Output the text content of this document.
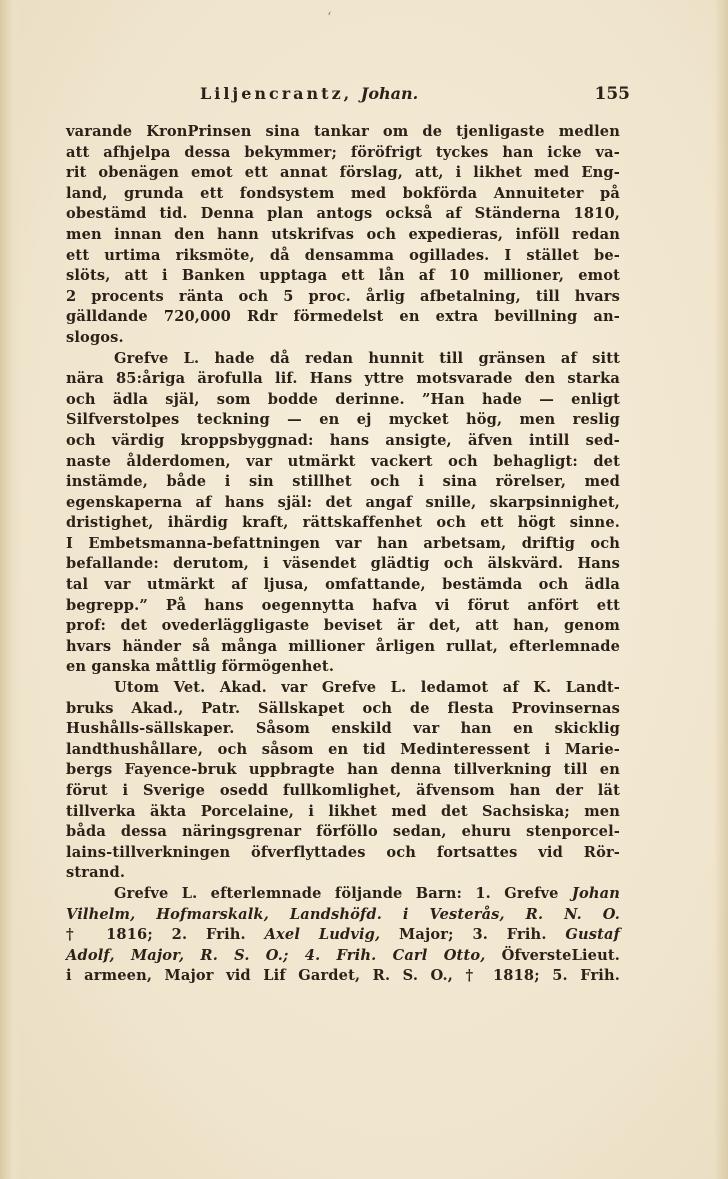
‘
Liljencrantz, Johan.	155
varande KronPrinsen sina tankar om de tjenligaste medlen
att afhjelpa dessa bekymmer; föröfrigt tyckes han icke va-
rit obenägen emot ett annat förslag, att, i likhet med Eng-
land, grunda ett fondsystem med bokförda Annuiteter på
obestämd tid. Denna plan antogs också af Ständerna 1810,
men innan den hann utskrifvas och expedieras, inföll redan
ett urtima riksmöte, då densamma ogillades. I stället be-
slöts, att i Banken upptaga ett lån af 10 millioner, emot
2 procents ränta och 5 proc. årlig afbetalning, till hvars
gälldande 720,000 Rdr förmedelst en extra bevillning an-
slogos.
Grefve L. hade då redan hunnit till gränsen af sitt
nära 85:åriga ärofulla lif. Hans yttre motsvarade den starka
och ädla själ, som bodde derinne. ”Han hade — enligt
Silfverstolpes teckning — en ej mycket hög, men reslig
och värdig kroppsbyggnad: hans ansigte, äfven intill sed-
naste ålderdomen, var utmärkt vackert och behagligt: det
instämde, både i sin stillhet och i sina rörelser, med
egenskaperna af hans själ: det angaf snille, skarpsinnighet,
dristighet, ihärdig kraft, rättskaffenhet och ett högt sinne.
I Embetsmanna-befattningen var han arbetsam, driftig och
befallande: derutom, i väsendet glädtig och älskvärd. Hans
tal var utmärkt af ljusa, omfattande, bestämda och ädla
begrepp.” På hans oegennytta hafva vi förut anfört ett
prof: det ovederläggligaste beviset är det, att han, genom
hvars händer så många millioner årligen rullat, efterlemnade
en ganska måttlig förmögenhet.
Utom Vet. Akad. var Grefve L. ledamot af K. Landt-
bruks Akad., Patr. Sällskapet och de flesta Provinsernas
Hushålls-sällskaper. Såsom enskild var han en skicklig
landthushållare, och såsom en tid Medinteressent i Marie-
bergs Fayence-bruk uppbragte han denna tillverkning till en
förut i Sverige osedd fullkomlighet, äfvensom han der lät
tillverka äkta Porcelaine, i likhet med det Sachsiska; men
båda dessa näringsgrenar förföllo sedan, ehuru stenporcel-
lains-tillverkningen öfverflyttades och fortsattes vid Rör-
strand.
Grefve L. efterlemnade följande Barn: 1. Grefve Johan
Vilhelm, Hofmarskalk, Landshöfd. i Vesterås, R. N. O.
† 1816; 2. Frih. Axel Ludvig, Major; 3. Frih. Gustaf
Adolf, Major, R. S. O.; 4. Frih. Carl Otto, ÖfversteLieut.
i armeen, Major vid Lif Gardet, R. S. O., † 1818; 5. Frih.
